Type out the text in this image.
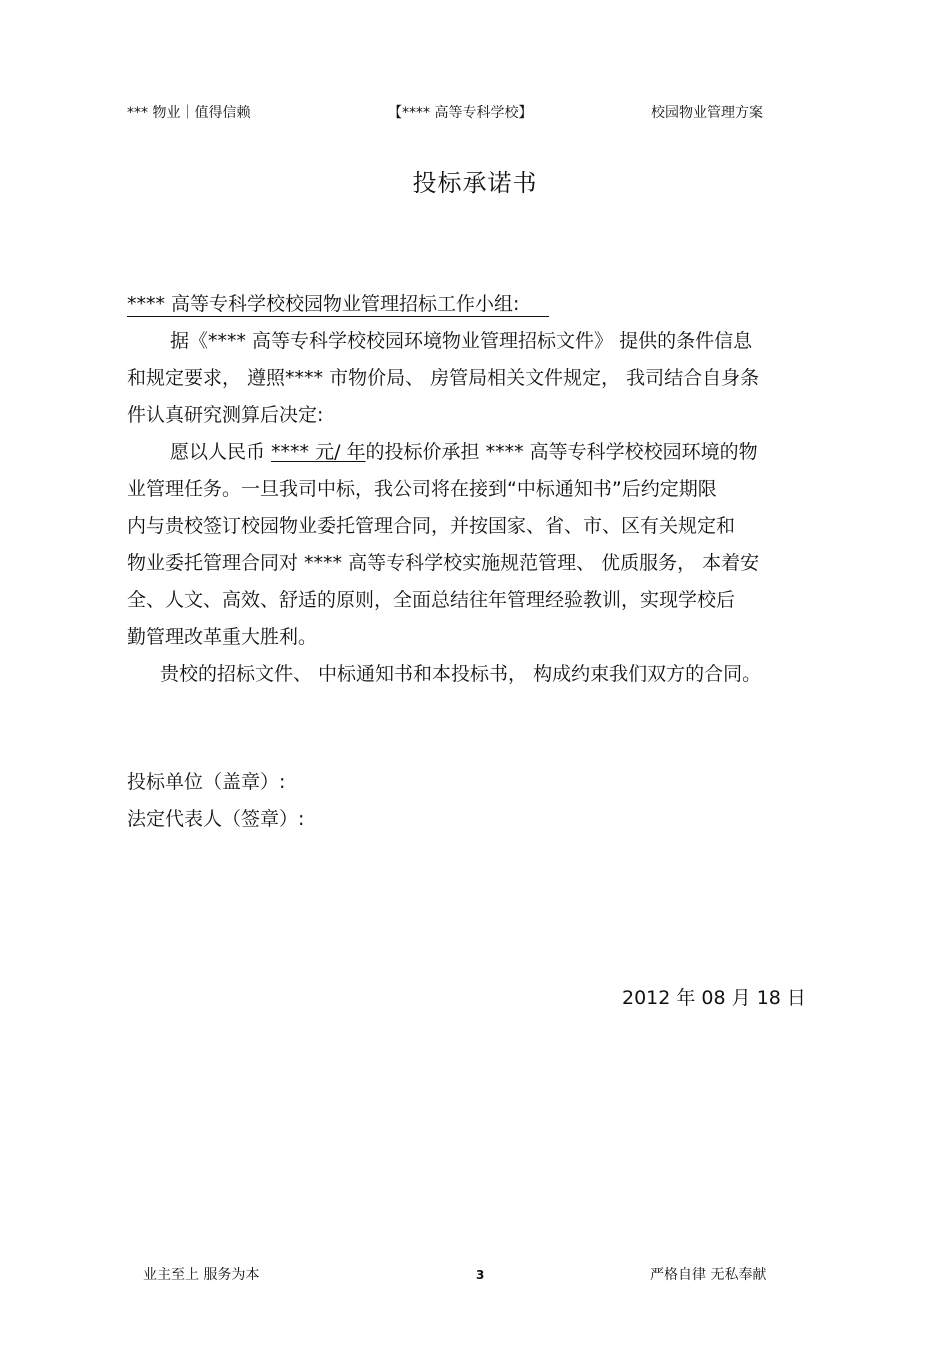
*** 物业｜值得信赖	【**** 高等专科学校】	校园物业管理方案
投标承诺书
**** 高等专科学校校园物业管理招标工作小组:
据《**** 高等专科学校校园环境物业管理招标文件》 提供的条件信息
和规定要求， 遵照**** 市物价局、 房管局相关文件规定， 我司结合自身条
件认真研究测算后决定:
愿以人民币 **** 元/ 年的投标价承担 **** 高等专科学校校园环境的物
业管理任务。一旦我司中标，我公司将在接到“中标通知书”后约定期限
内与贵校签订校园物业委托管理合同，并按国家、省、市、区有关规定和
物业委托管理合同对 **** 高等专科学校实施规范管理、 优质服务， 本着安
全、人文、高效、舒适的原则，全面总结往年管理经验教训，实现学校后
勤管理改革重大胜利。
贵校的招标文件、 中标通知书和本投标书， 构成约束我们双方的合同。
投标单位（盖章）:
法定代表人（签章）:
2012 年 08 月 18 日
业主至上 服务为本	3	严格自律 无私奉献
